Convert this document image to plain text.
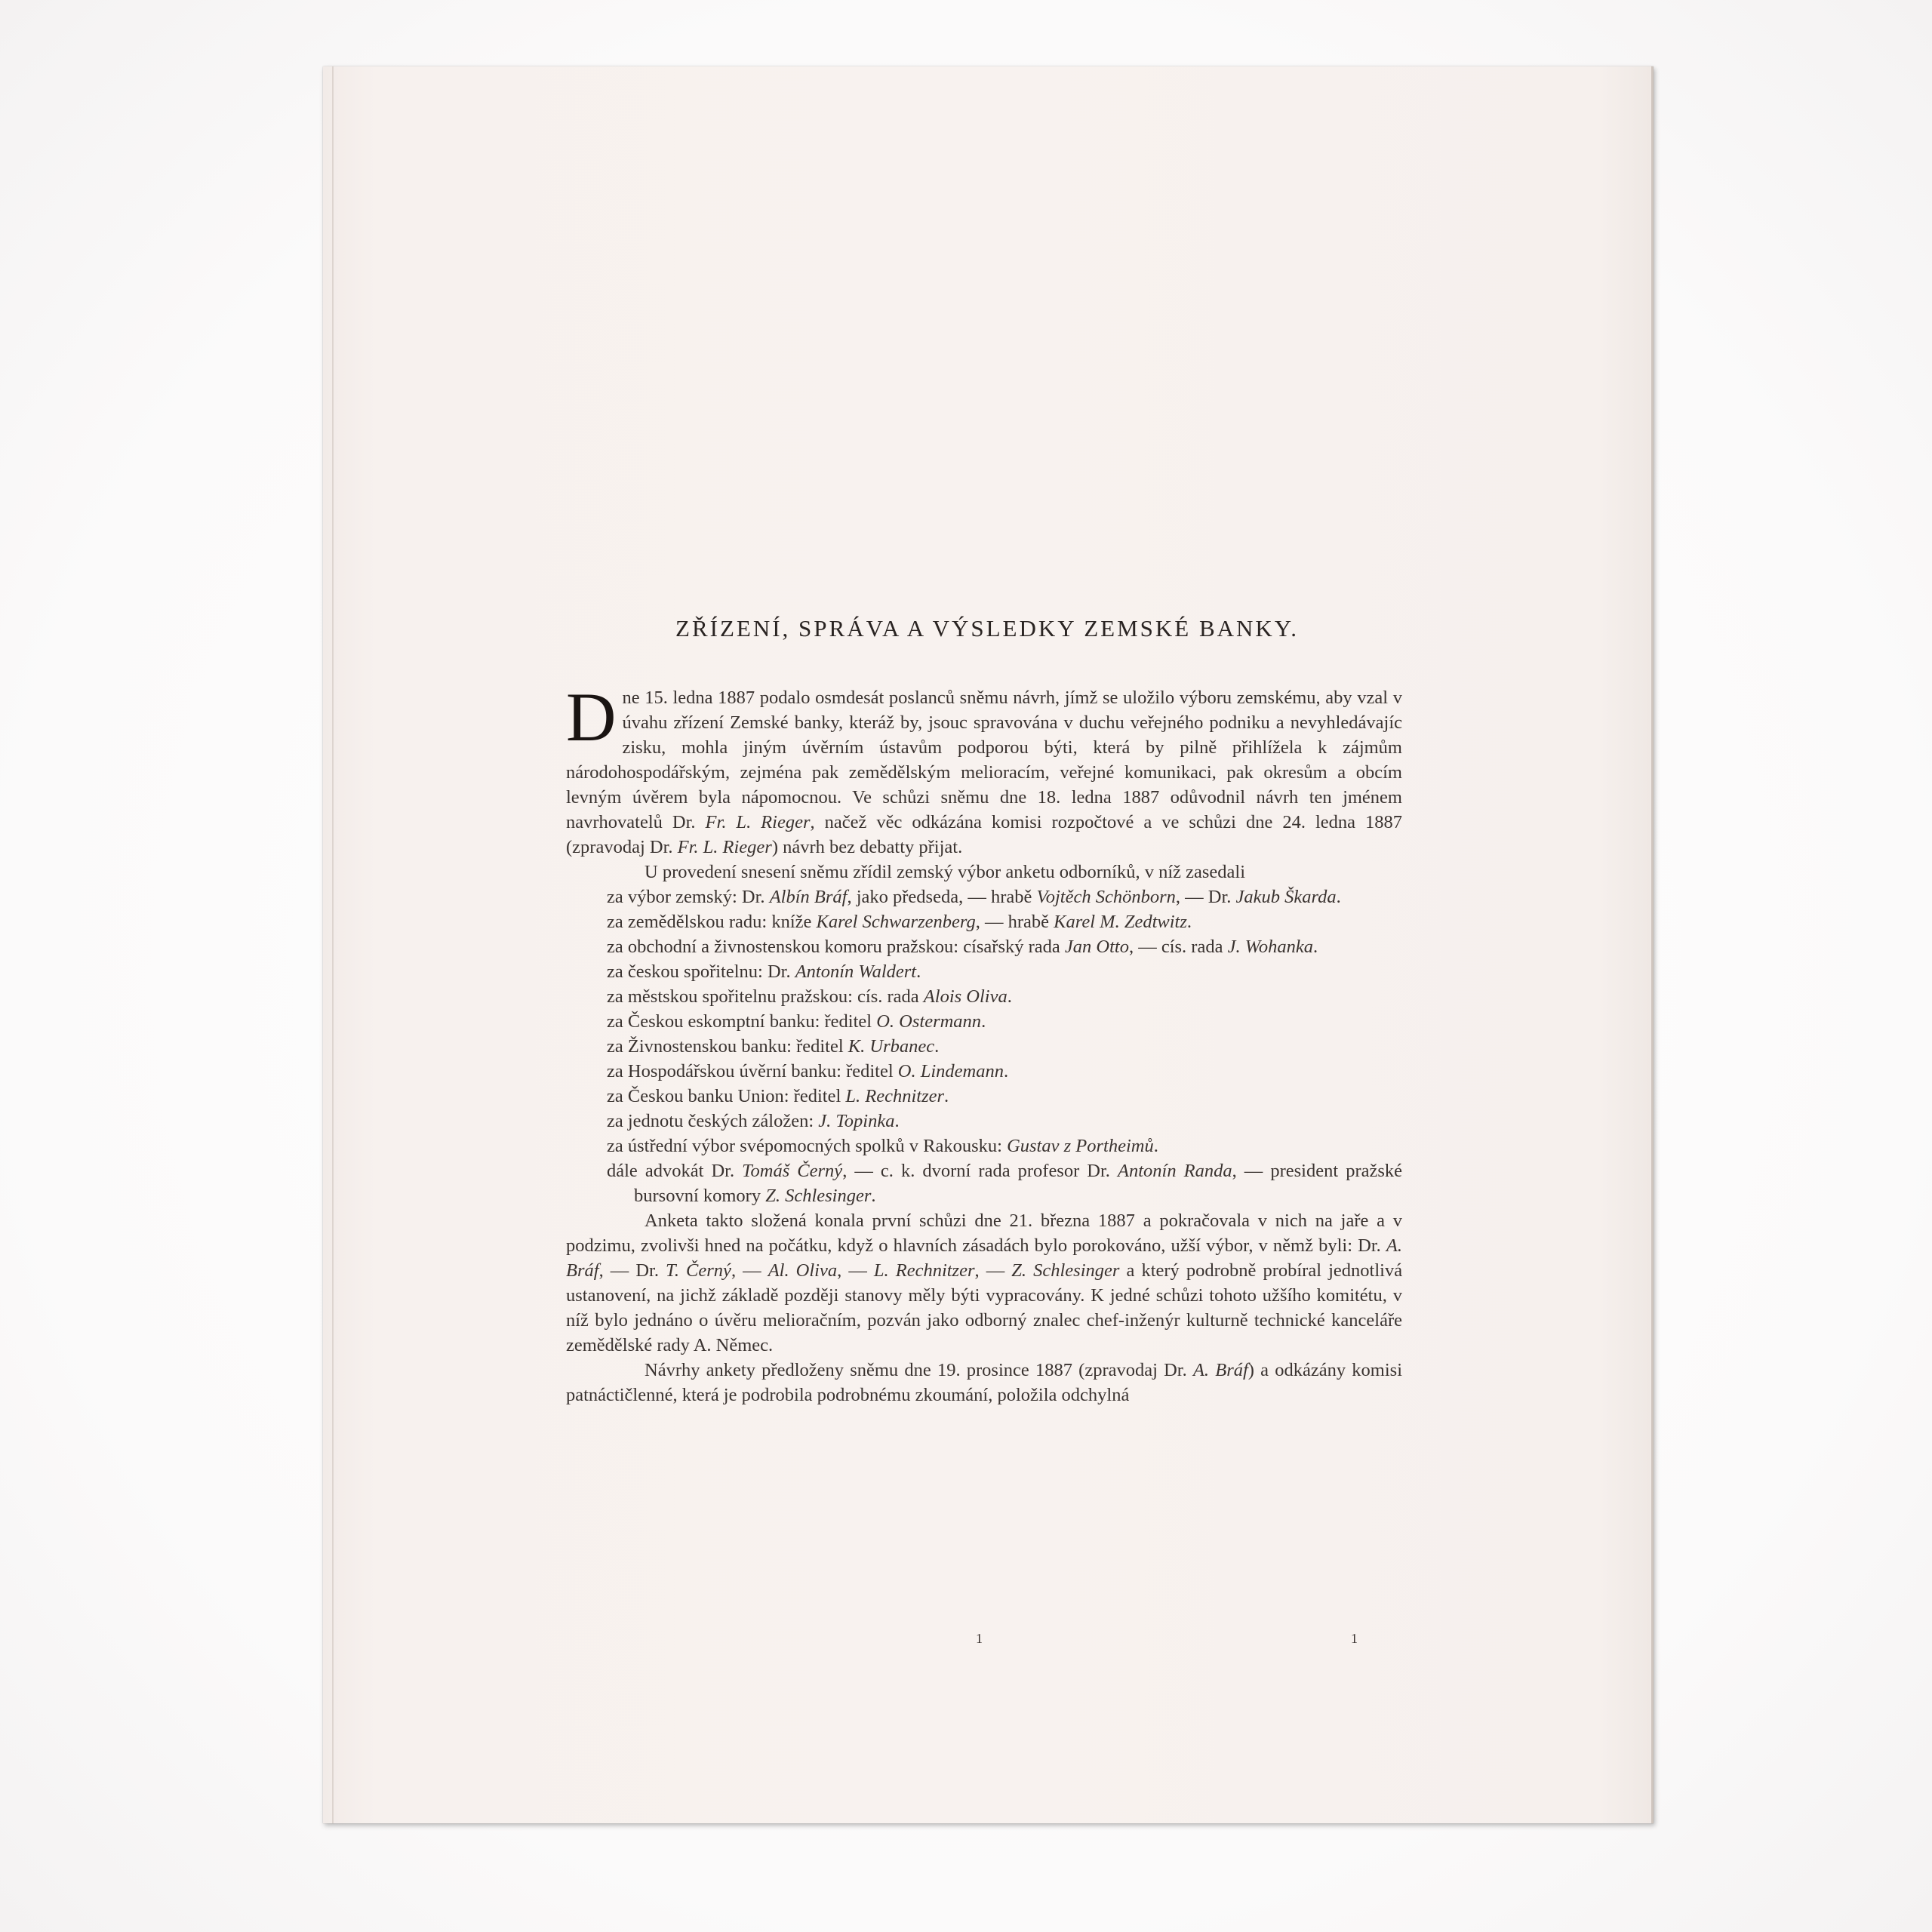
ZŘÍZENÍ, SPRÁVA A VÝSLEDKY ZEMSKÉ BANKY.

Dne 15. ledna 1887 podalo osmdesát poslanců sněmu návrh, jímž se uložilo výboru zemskému, aby vzal v úvahu zřízení Zemské banky, kteráž by, jsouc spravována v duchu veřejného podniku a nevyhledávajíc zisku, mohla jiným úvěrním ústavům podporou býti, která by pilně přihlížela k zájmům národohospodářským, zejména pak zemědělským melioracím, veřejné komunikaci, pak okresům a obcím levným úvěrem byla nápomocnou. Ve schůzi sněmu dne 18. ledna 1887 odůvodnil návrh ten jménem navrhovatelů Dr. Fr. L. Rieger, načež věc odkázána komisi rozpočtové a ve schůzi dne 24. ledna 1887 (zpravodaj Dr. Fr. L. Rieger) návrh bez debatty přijat.

U provedení snesení sněmu zřídil zemský výbor anketu odborníků, v níž zasedali

za výbor zemský: Dr. Albín Bráf, jako předseda, — hrabě Vojtěch Schönborn, — Dr. Jakub Škarda.
za zemědělskou radu: kníže Karel Schwarzenberg, — hrabě Karel M. Zedtwitz.
za obchodní a živnostenskou komoru pražskou: císařský rada Jan Otto, — cís. rada J. Wohanka.
za českou spořitelnu: Dr. Antonín Waldert.
za městskou spořitelnu pražskou: cís. rada Alois Oliva.
za Českou eskomptní banku: ředitel O. Ostermann.
za Živnostenskou banku: ředitel K. Urbanec.
za Hospodářskou úvěrní banku: ředitel O. Lindemann.
za Českou banku Union: ředitel L. Rechnitzer.
za jednotu českých záložen: J. Topinka.
za ústřední výbor svépomocných spolků v Rakousku: Gustav z Portheimů.
dále advokát Dr. Tomáš Černý, — c. k. dvorní rada profesor Dr. Antonín Randa, — president pražské bursovní komory Z. Schlesinger.

Anketa takto složená konala první schůzi dne 21. března 1887 a pokračovala v nich na jaře a v podzimu, zvolivši hned na počátku, když o hlavních zásadách bylo porokováno, užší výbor, v němž byli: Dr. A. Bráf, — Dr. T. Černý, — Al. Oliva, — L. Rechnitzer, — Z. Schlesinger a který podrobně probíral jednotlivá ustanovení, na jichž základě později stanovy měly býti vypracovány. K jedné schůzi tohoto užšího komitétu, v níž bylo jednáno o úvěru melioračním, pozván jako odborný znalec chef-inženýr kulturně technické kanceláře zemědělské rady A. Němec.

Návrhy ankety předloženy sněmu dne 19. prosince 1887 (zpravodaj Dr. A. Bráf) a odkázány komisi patnáctičlenné, která je podrobila podrobnému zkoumání, položila odchylná

1	1
